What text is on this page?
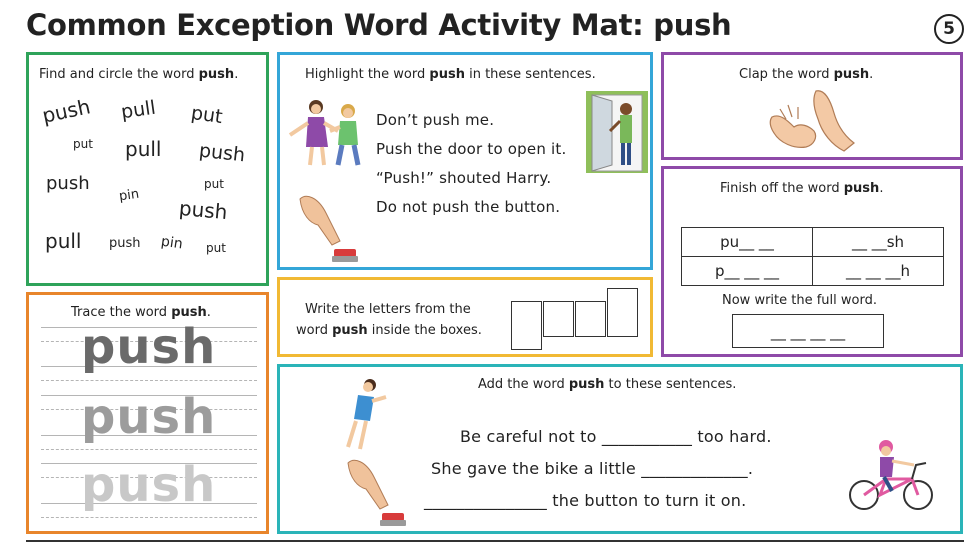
Common Exception Word Activity Mat: push	5
Find and circle the word push.
push pull put
put pull push
push	put
pin
push
pull push pin put
Highlight the word push in these sentences.
Don’t push me.
Push the door to open it.
“Push!” shouted Harry.
Do not push the button.
Clap the word push.
Finish off the word push.
pu__ __	__ __sh
p__ __ __	__ __ __h
Now write the full word.
__ __ __ __
Trace the word push.
push
push
push
Write the letters from the
word push inside the boxes.
Add the word push to these sentences.
Be careful not to ___________ too hard.
She gave the bike a little _____________.
_______________ the button to turn it on.
